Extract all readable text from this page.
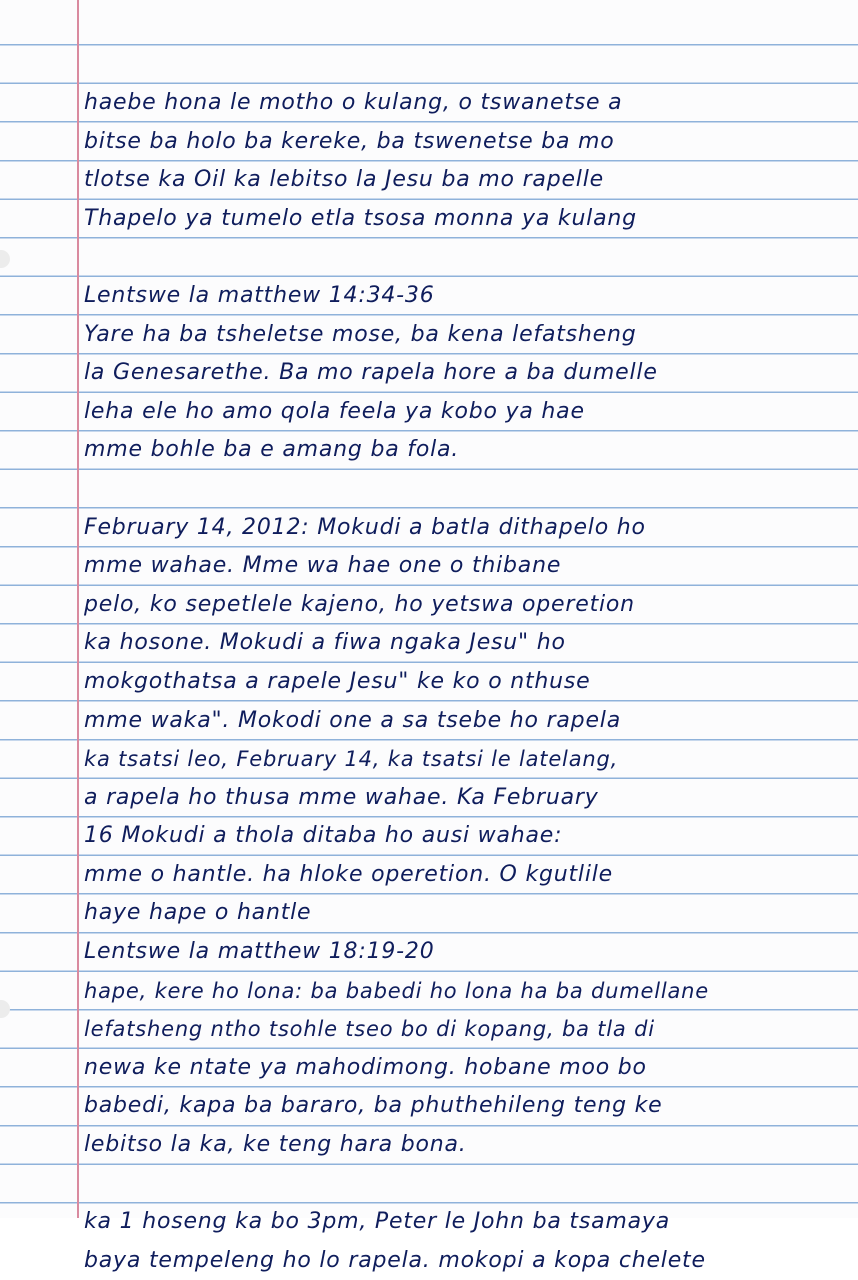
haebe hona le motho o kulang, o tswanetse a
bitse ba holo ba kereke, ba tswenetse ba mo
tlotse ka Oil ka lebitso la Jesu ba mo rapelle
Thapelo ya tumelo etla tsosa monna ya kulang
Lentswe la matthew 14:34-36
Yare ha ba tsheletse mose, ba kena lefatsheng
la Genesarethe. Ba mo rapela hore a ba dumelle
leha ele ho amo qola feela ya kobo ya hae
mme bohle ba e amang ba fola.
February 14, 2012: Mokudi a batla dithapelo ho
mme wahae. Mme wa hae one o thibane
pelo, ko sepetlele kajeno, ho yetswa operetion
ka hosone. Mokudi a fiwa ngaka Jesu" ho
mokgothatsa a rapele Jesu" ke ko o nthuse
mme waka". Mokodi one a sa tsebe ho rapela
ka tsatsi leo, February 14, ka tsatsi le latelang,
a rapela ho thusa mme wahae. Ka February
16 Mokudi a thola ditaba ho ausi wahae:
mme o hantle. ha hloke operetion. O kgutlile
haye hape o hantle
Lentswe la matthew 18:19-20
hape, kere ho lona: ba babedi ho lona ha ba dumellane
lefatsheng ntho tsohle tseo bo di kopang, ba tla di
newa ke ntate ya mahodimong. hobane moo bo
babedi, kapa ba bararo, ba phuthehileng teng ke
lebitso la ka, ke teng hara bona.
ka 1 hoseng ka bo 3pm, Peter le John ba tsamaya
baya tempeleng ho lo rapela. mokopi a kopa chelete
